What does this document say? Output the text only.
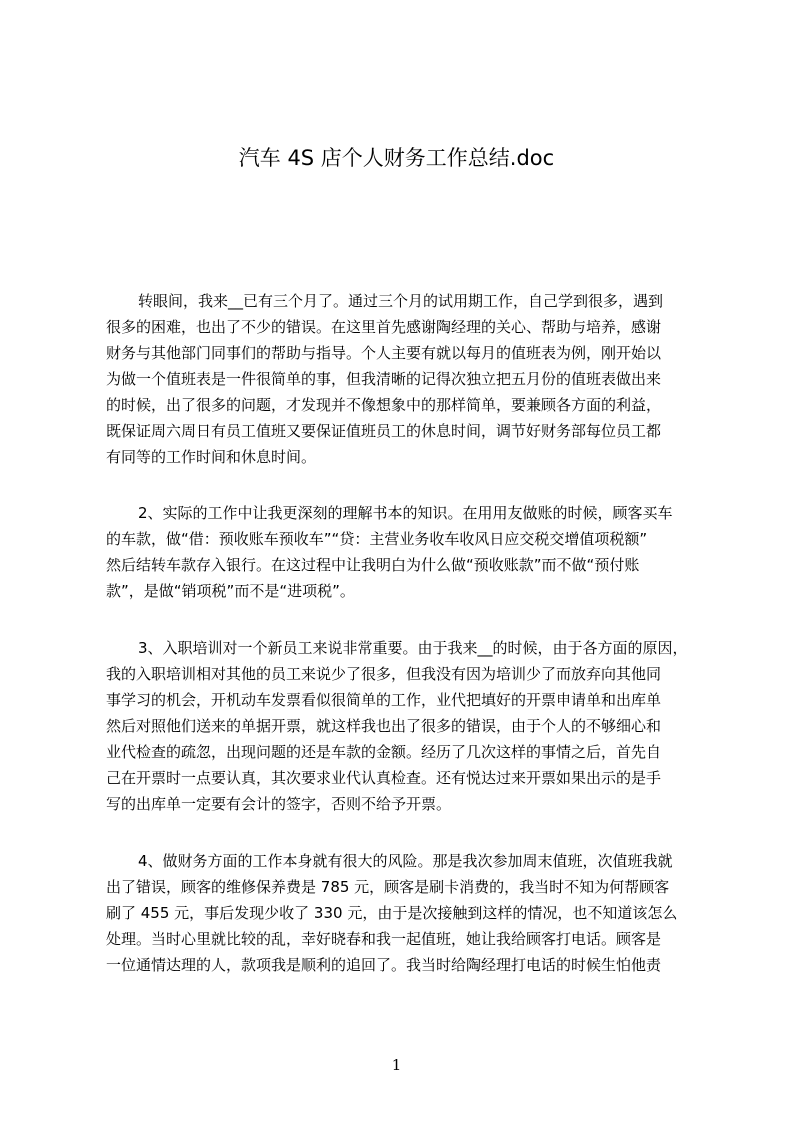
汽车 4S 店个人财务工作总结.doc
转眼间，我来__已有三个月了。通过三个月的试用期工作，自己学到很多，遇到
很多的困难，也出了不少的错误。在这里首先感谢陶经理的关心、帮助与培养，感谢
财务与其他部门同事们的帮助与指导。个人主要有就以每月的值班表为例，刚开始以
为做一个值班表是一件很简单的事，但我清晰的记得次独立把五月份的值班表做出来
的时候，出了很多的问题，才发现并不像想象中的那样简单，要兼顾各方面的利益，
既保证周六周日有员工值班又要保证值班员工的休息时间，调节好财务部每位员工都
有同等的工作时间和休息时间。
2、实际的工作中让我更深刻的理解书本的知识。在用用友做账的时候，顾客买车
的车款，做“借：预收账车预收车”“贷：主营业务收车收风日应交税交增值项税额”
然后结转车款存入银行。在这过程中让我明白为什么做“预收账款”而不做“预付账
款”，是做“销项税”而不是“进项税”。
3、入职培训对一个新员工来说非常重要。由于我来__的时候，由于各方面的原因，
我的入职培训相对其他的员工来说少了很多，但我没有因为培训少了而放弃向其他同
事学习的机会，开机动车发票看似很简单的工作，业代把填好的开票申请单和出库单
然后对照他们送来的单据开票，就这样我也出了很多的错误，由于个人的不够细心和
业代检查的疏忽，出现问题的还是车款的金额。经历了几次这样的事情之后，首先自
己在开票时一点要认真，其次要求业代认真检查。还有悦达过来开票如果出示的是手
写的出库单一定要有会计的签字，否则不给予开票。
4、做财务方面的工作本身就有很大的风险。那是我次参加周末值班，次值班我就
出了错误，顾客的维修保养费是 785 元，顾客是刷卡消费的，我当时不知为何帮顾客
刷了 455 元，事后发现少收了 330 元，由于是次接触到这样的情况，也不知道该怎么
处理。当时心里就比较的乱，幸好晓春和我一起值班，她让我给顾客打电话。顾客是
一位通情达理的人，款项我是顺利的追回了。我当时给陶经理打电话的时候生怕他责
1
